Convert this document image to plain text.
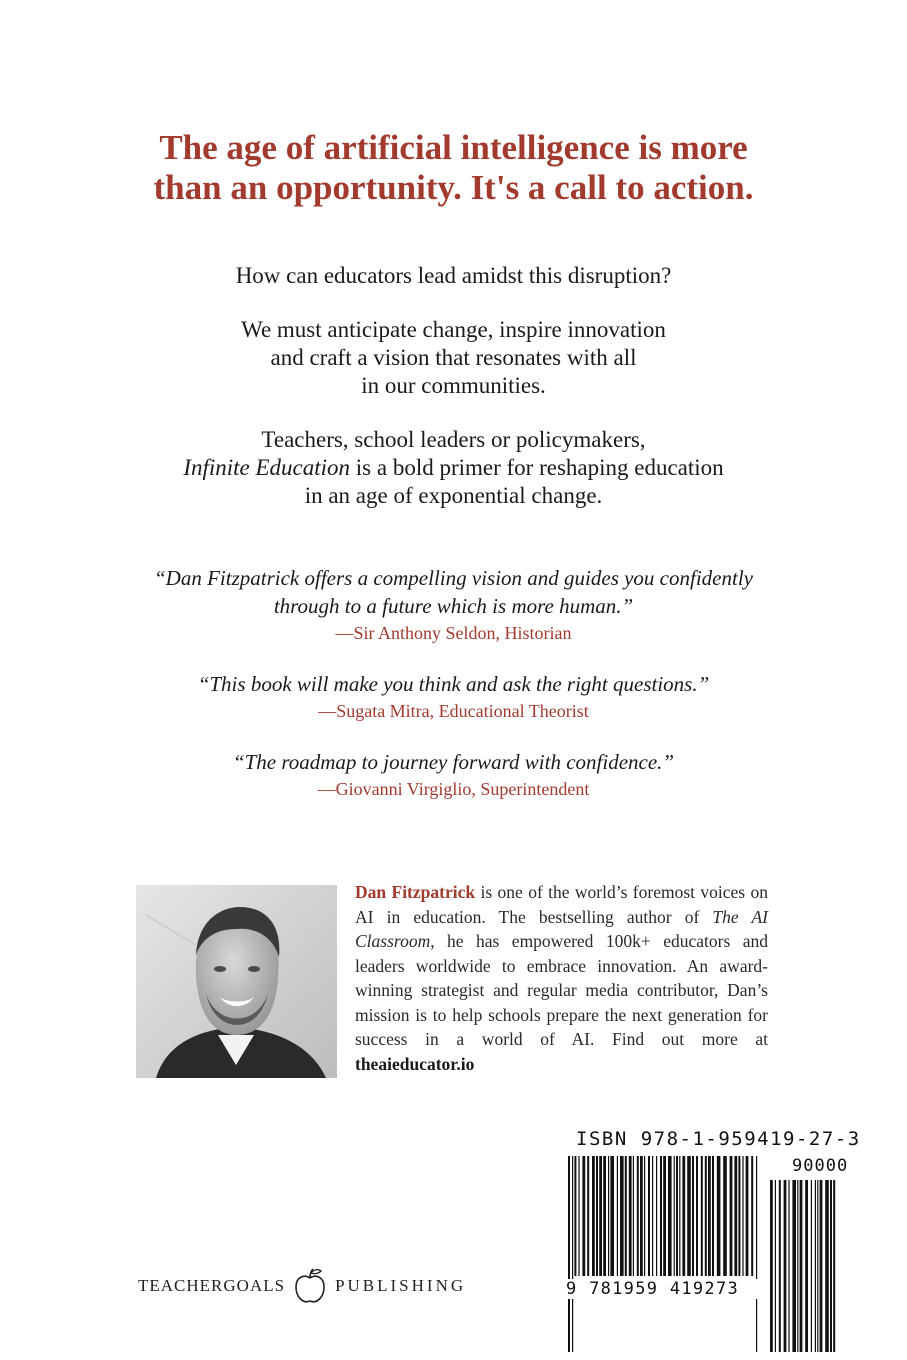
The age of artificial intelligence is more
than an opportunity. It's a call to action.

How can educators lead amidst this disruption?

We must anticipate change, inspire innovation
and craft a vision that resonates with all
in our communities.

Teachers, school leaders or policymakers,
Infinite Education is a bold primer for reshaping education
in an age of exponential change.

“Dan Fitzpatrick offers a compelling vision and guides you confidently
through to a future which is more human.”
—Sir Anthony Seldon, Historian
“This book will make you think and ask the right questions.”
—Sugata Mitra, Educational Theorist
“The roadmap to journey forward with confidence.”
—Giovanni Virgiglio, Superintendent
Dan Fitzpatrick is one of the world’s foremost voices on AI in education. The bestselling author of The AI Classroom, he has empowered 100k+ educators and leaders worldwide to embrace innovation. An award-winning strategist and regular media contributor, Dan’s mission is to help schools prepare the next generation for success in a world of AI. Find out more at theaieducator.io
ISBN 978-1-959419-27-3
90000
9 781959 419273
TEACHERGOALS	PUBLISHING
